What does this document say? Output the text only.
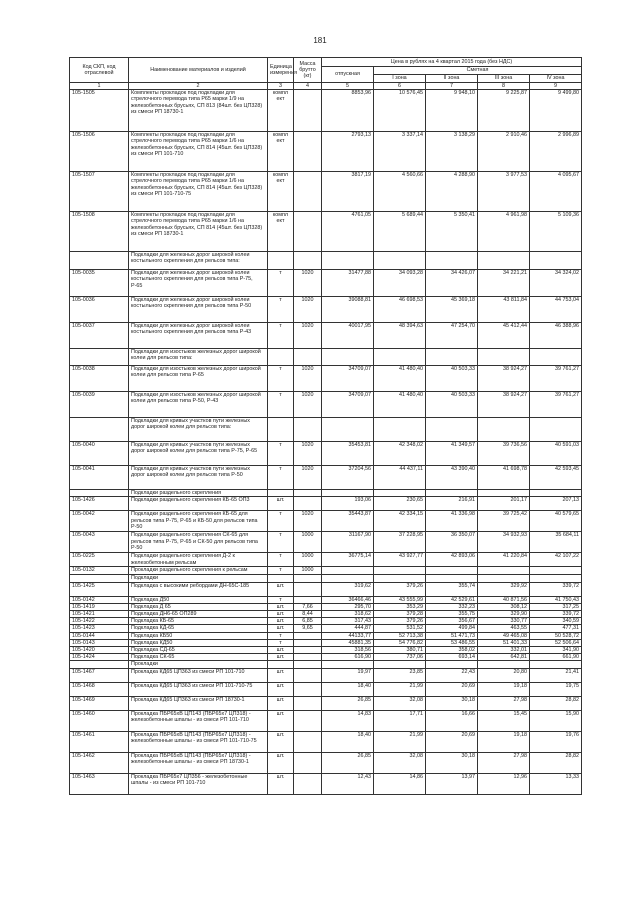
181
Код СКП, код отраслевой	Наименование материалов и изделий	Единица измерения	Масса брутто (кг)	Цена в рублях на 4 квартал 2015 года (без НДС)				
				отпускная	Сметная			
					I зона	II зона	III зона	IV зона
1	2	3	4	5	6	7	8	9
105-1505	Комплекты прокладок под подкладки для стрелочного перевода типа Р65 марки 1/9 на железобетонных брусьях, СП 813 (84шт. без ЦП328) из смеси РП 18730-1	компл ект		8853,96	10 576,45	9 948,10	9 225,87	9 499,80
105-1506	Комплекты прокладок под подкладки для стрелочного перевода типа Р65 марки 1/6 на железобетонных брусьях, СП 814 (45шт. без ЦП328) из смеси РП 101-710	компл ект		2793,13	3 337,14	3 138,29	2 910,46	2 996,89
105-1507	Комплекты прокладок под подкладки для стрелочного перевода типа Р65 марки 1/6 на железобетонных брусьях, СП 814 (45шт. без ЦП328) из смеси РП 101-710-75	компл ект		3817,19	4 560,66	4 288,90	3 977,53	4 095,67
105-1508	Комплекты прокладок под подкладки для стрелочного перевода типа Р65 марки 1/6 на железобетонных брусьях, СП 814 (45шт. без ЦП328) из смеси РП 18730-1	компл ект		4761,05	5 689,44	5 350,41	4 961,98	5 109,36
	Подкладки для железных дорог широкой колеи костыльного скрепления для рельсов типа:							
105-0035	Подкладки для железных дорог широкой колеи костыльного скрепления для рельсов типа Р-75, Р-65	т	1020	31477,88	34 093,28	34 426,07	34 221,21	34 324,02
105-0036	Подкладки для железных дорог широкой колеи костыльного скрепления для рельсов типа Р-50	т	1020	39088,81	46 698,53	45 369,18	43 811,84	44 753,04
105-0037	Подкладки для железных дорог широкой колеи костыльного скрепления для рельсов типа Р-43	т	1020	40017,95	48 394,63	47 254,70	45 412,44	46 388,96
	Подкладки для изостыков железных дорог широкой колеи для рельсов типа:							
105-0038	Подкладки для изостыков железных дорог широкой колеи для рельсов типа Р-65	т	1020	34709,07	41 480,40	40 503,33	38 924,27	39 761,27
105-0039	Подкладки для изостыков железных дорог широкой колеи для рельсов типа Р-50, Р-43	т	1020	34709,07	41 480,40	40 503,33	38 924,27	39 761,27
	Подкладки для кривых участков пути железных дорог широкой колеи для рельсов типа:							
105-0040	Подкладки для кривых участков пути железных дорог широкой колеи для рельсов типа Р-75, Р-65	т	1020	35453,81	42 348,02	41 349,57	39 736,56	40 591,03
105-0041	Подкладки для кривых участков пути железных дорог широкой колеи для рельсов типа Р-50	т	1020	37204,56	44 437,11	43 390,40	41 698,78	42 593,45
	Подкладки раздельного скрепления							
105-1426	Подкладки раздельного скрепления КБ-65 ОП3	шт.		193,06	230,65	216,91	201,17	207,13
105-0042	Подкладки раздельного скрепления КБ-65 для рельсов типа Р-75, Р-65 и КБ-50 для рельсов типа Р-50	т	1020	35443,87	42 334,15	41 336,98	39 725,42	40 579,65
105-0043	Подкладки раздельного скрепления СК-65 для рельсов типа Р-75, Р-65 и СК-50 для рельсов типа Р-50	т	1000	31167,90	37 228,95	36 350,07	34 932,93	35 684,11
105-0225	Подкладки раздельного скрепления Д-2 к железобетонным рельсам	т	1000	36775,14	43 927,77	42 893,06	41 220,84	42 107,22
105-0132	Прокладки раздельного скрепления к рельсам	т	1000					
	Подкладки							
105-1425	Подкладка с высокими ребордами ДН-65С-185	шт.		319,62	379,26	355,74	329,92	339,72
105-0142	Подкладка Д50	т		36466,46	43 555,99	42 529,61	40 871,56	41 750,43
105-1419	Подкладка Д 65	шт.	7,66	295,70	353,29	332,23	308,12	317,25
105-1421	Подкладка ДН6-65 ОП289	шт.	8,44	318,62	379,28	355,75	329,90	339,72
105-1422	Подкладка КБ-65	шт.	6,85	317,43	379,26	356,67	330,77	340,59
105-1423	Подкладка КД-65	шт.	9,65	444,87	531,52	499,84	463,55	477,31
105-0144	Подкладка КБ50	т		44133,77	52 713,38	51 471,73	49 465,08	50 528,72
105-0143	Подкладка КД50	т		45881,35	54 776,82	53 486,55	51 401,33	52 506,64
105-1420	Подкладка СД-65	шт.		318,56	380,71	358,02	332,01	341,90
105-1424	Подкладка СК-65	шт.		616,90	737,06	693,14	642,81	661,90
	Прокладки							
105-1467	Прокладка КД65 ЦП363 из смеси РП 101-710	шт.		19,97	23,85	22,43	20,80	21,41
105-1468	Прокладка КД65 ЦП363 из смеси РП 101-710-75	шт.		18,40	21,99	20,69	19,18	19,75
105-1469	Прокладка КД65 ЦП363 из смеси РП 18730-1	шт.		26,85	32,08	30,18	27,98	28,82
105-1460	Прокладка ПБР65хВ ЦП143 (ПБР65х7 ЦП318) - железобетонные шпалы - из смеси РП 101-710	шт.		14,83	17,71	16,66	15,45	15,90
105-1461	Прокладка ПБР65хВ ЦП143 (ПБР65х7 ЦП318) - железобетонные шпалы - из смеси РП 101-710-75	шт.		18,40	21,99	20,69	19,18	19,76
105-1462	Прокладка ПБР65хВ ЦП143 (ПБР65х7 ЦП318) - железобетонные шпалы - из смеси РП 18730-1	шт.		26,85	32,08	30,18	27,98	28,82
105-1463	Прокладка ПБР65х7 ЦП356 - железобетонные шпалы - из смеси РП 101-710	шт.		12,43	14,86	13,97	12,96	13,33
